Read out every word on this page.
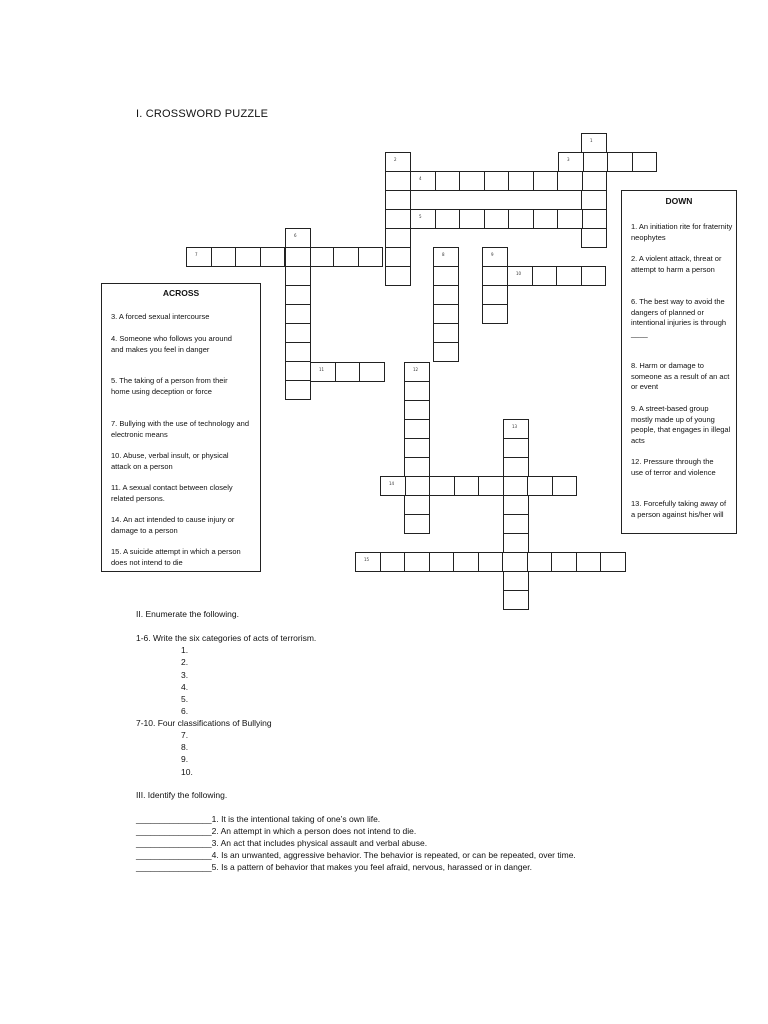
I. CROSSWORD PUZZLE
1
3
2
4
5
7
6
8	9
10
11	12
13
14
15
ACROSS
3. A forced sexual intercourse
4. Someone who follows you around and makes you feel in danger
5. The taking of a person from their home using deception or force
7. Bullying with the use of technology and electronic means
10. Abuse, verbal insult, or physical attack on a person
11. A sexual contact between closely related persons.
14. An act intended to cause injury or damage to a person
15. A suicide attempt in which a person does not intend to die
DOWN
1. An initiation rite for fraternity neophytes
2. A violent attack, threat or attempt to harm a person
6. The best way to avoid the dangers of planned or intentional injuries is through ____
8. Harm or damage to someone as a result of an act or event
9. A street-based group mostly made up of young people, that engages in illegal acts
12. Pressure through the use of terror and violence
13. Forcefully taking away of a person against his/her will
II. Enumerate the following.
1-6. Write the six categories of acts of terrorism.
1.
2.
3.
4.
5.
6.
7-10. Four classifications of Bullying
7.
8.
9.
10.
III. Identify the following.
________________1. It is the intentional taking of one’s own life.
________________2. An attempt in which a person does not intend to die.
________________3. An act that includes physical assault and verbal abuse.
________________4. Is an unwanted, aggressive behavior. The behavior is repeated, or can be repeated, over time.
________________5. Is a pattern of behavior that makes you feel afraid, nervous, harassed or in danger.
